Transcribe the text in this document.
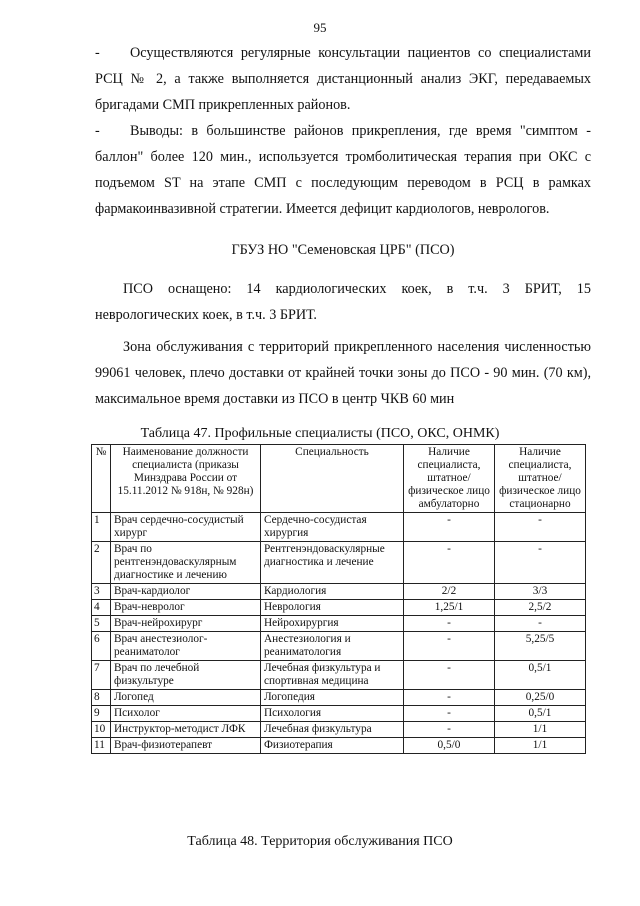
95

- Осуществляются регулярные консультации пациентов со специалистами РСЦ № 2, а также выполняется дистанционный анализ ЭКГ, передаваемых бригадами СМП прикрепленных районов.

- Выводы: в большинстве районов прикрепления, где время "симптом - баллон" более 120 мин., используется тромболитическая терапия при ОКС с подъемом ST на этапе СМП с последующим переводом в РСЦ в рамках фармакоинвазивной стратегии. Имеется дефицит кардиологов, неврологов.

ГБУЗ НО "Семеновская ЦРБ" (ПСО)

ПСО оснащено: 14 кардиологических коек, в т.ч. 3 БРИТ, 15 неврологических коек, в т.ч. 3 БРИТ.

Зона обслуживания с территорий прикрепленного населения численностью 99061 человек, плечо доставки от крайней точки зоны до ПСО - 90 мин. (70 км), максимальное время доставки из ПСО в центр ЧКВ 60 мин

Таблица 47. Профильные специалисты (ПСО, ОКС, ОНМК)
№	Наименование должности специалиста (приказы Минздрава России от 15.11.2012 № 918н, № 928н)	Специальность	Наличие специалиста, штатное/физическое лицо амбулаторно	Наличие специалиста, штатное/физическое лицо стационарно
1	Врач сердечно-сосудистый хирург	Сердечно-сосудистая хирургия	-	-
2	Врач по рентгенэндоваскулярным диагностике и лечению	Рентгенэндоваскулярные диагностика и лечение	-	-
3	Врач-кардиолог	Кардиология	2/2	3/3
4	Врач-невролог	Неврология	1,25/1	2,5/2
5	Врач-нейрохирург	Нейрохирургия	-	-
6	Врач анестезиолог-реаниматолог	Анестезиология и реаниматология	-	5,25/5
7	Врач по лечебной физкультуре	Лечебная физкультура и спортивная медицина	-	0,5/1
8	Логопед	Логопедия	-	0,25/0
9	Психолог	Психология	-	0,5/1
10	Инструктор-методист ЛФК	Лечебная физкультура	-	1/1
11	Врач-физиотерапевт	Физиотерапия	0,5/0	1/1
Таблица 48. Территория обслуживания ПСО
